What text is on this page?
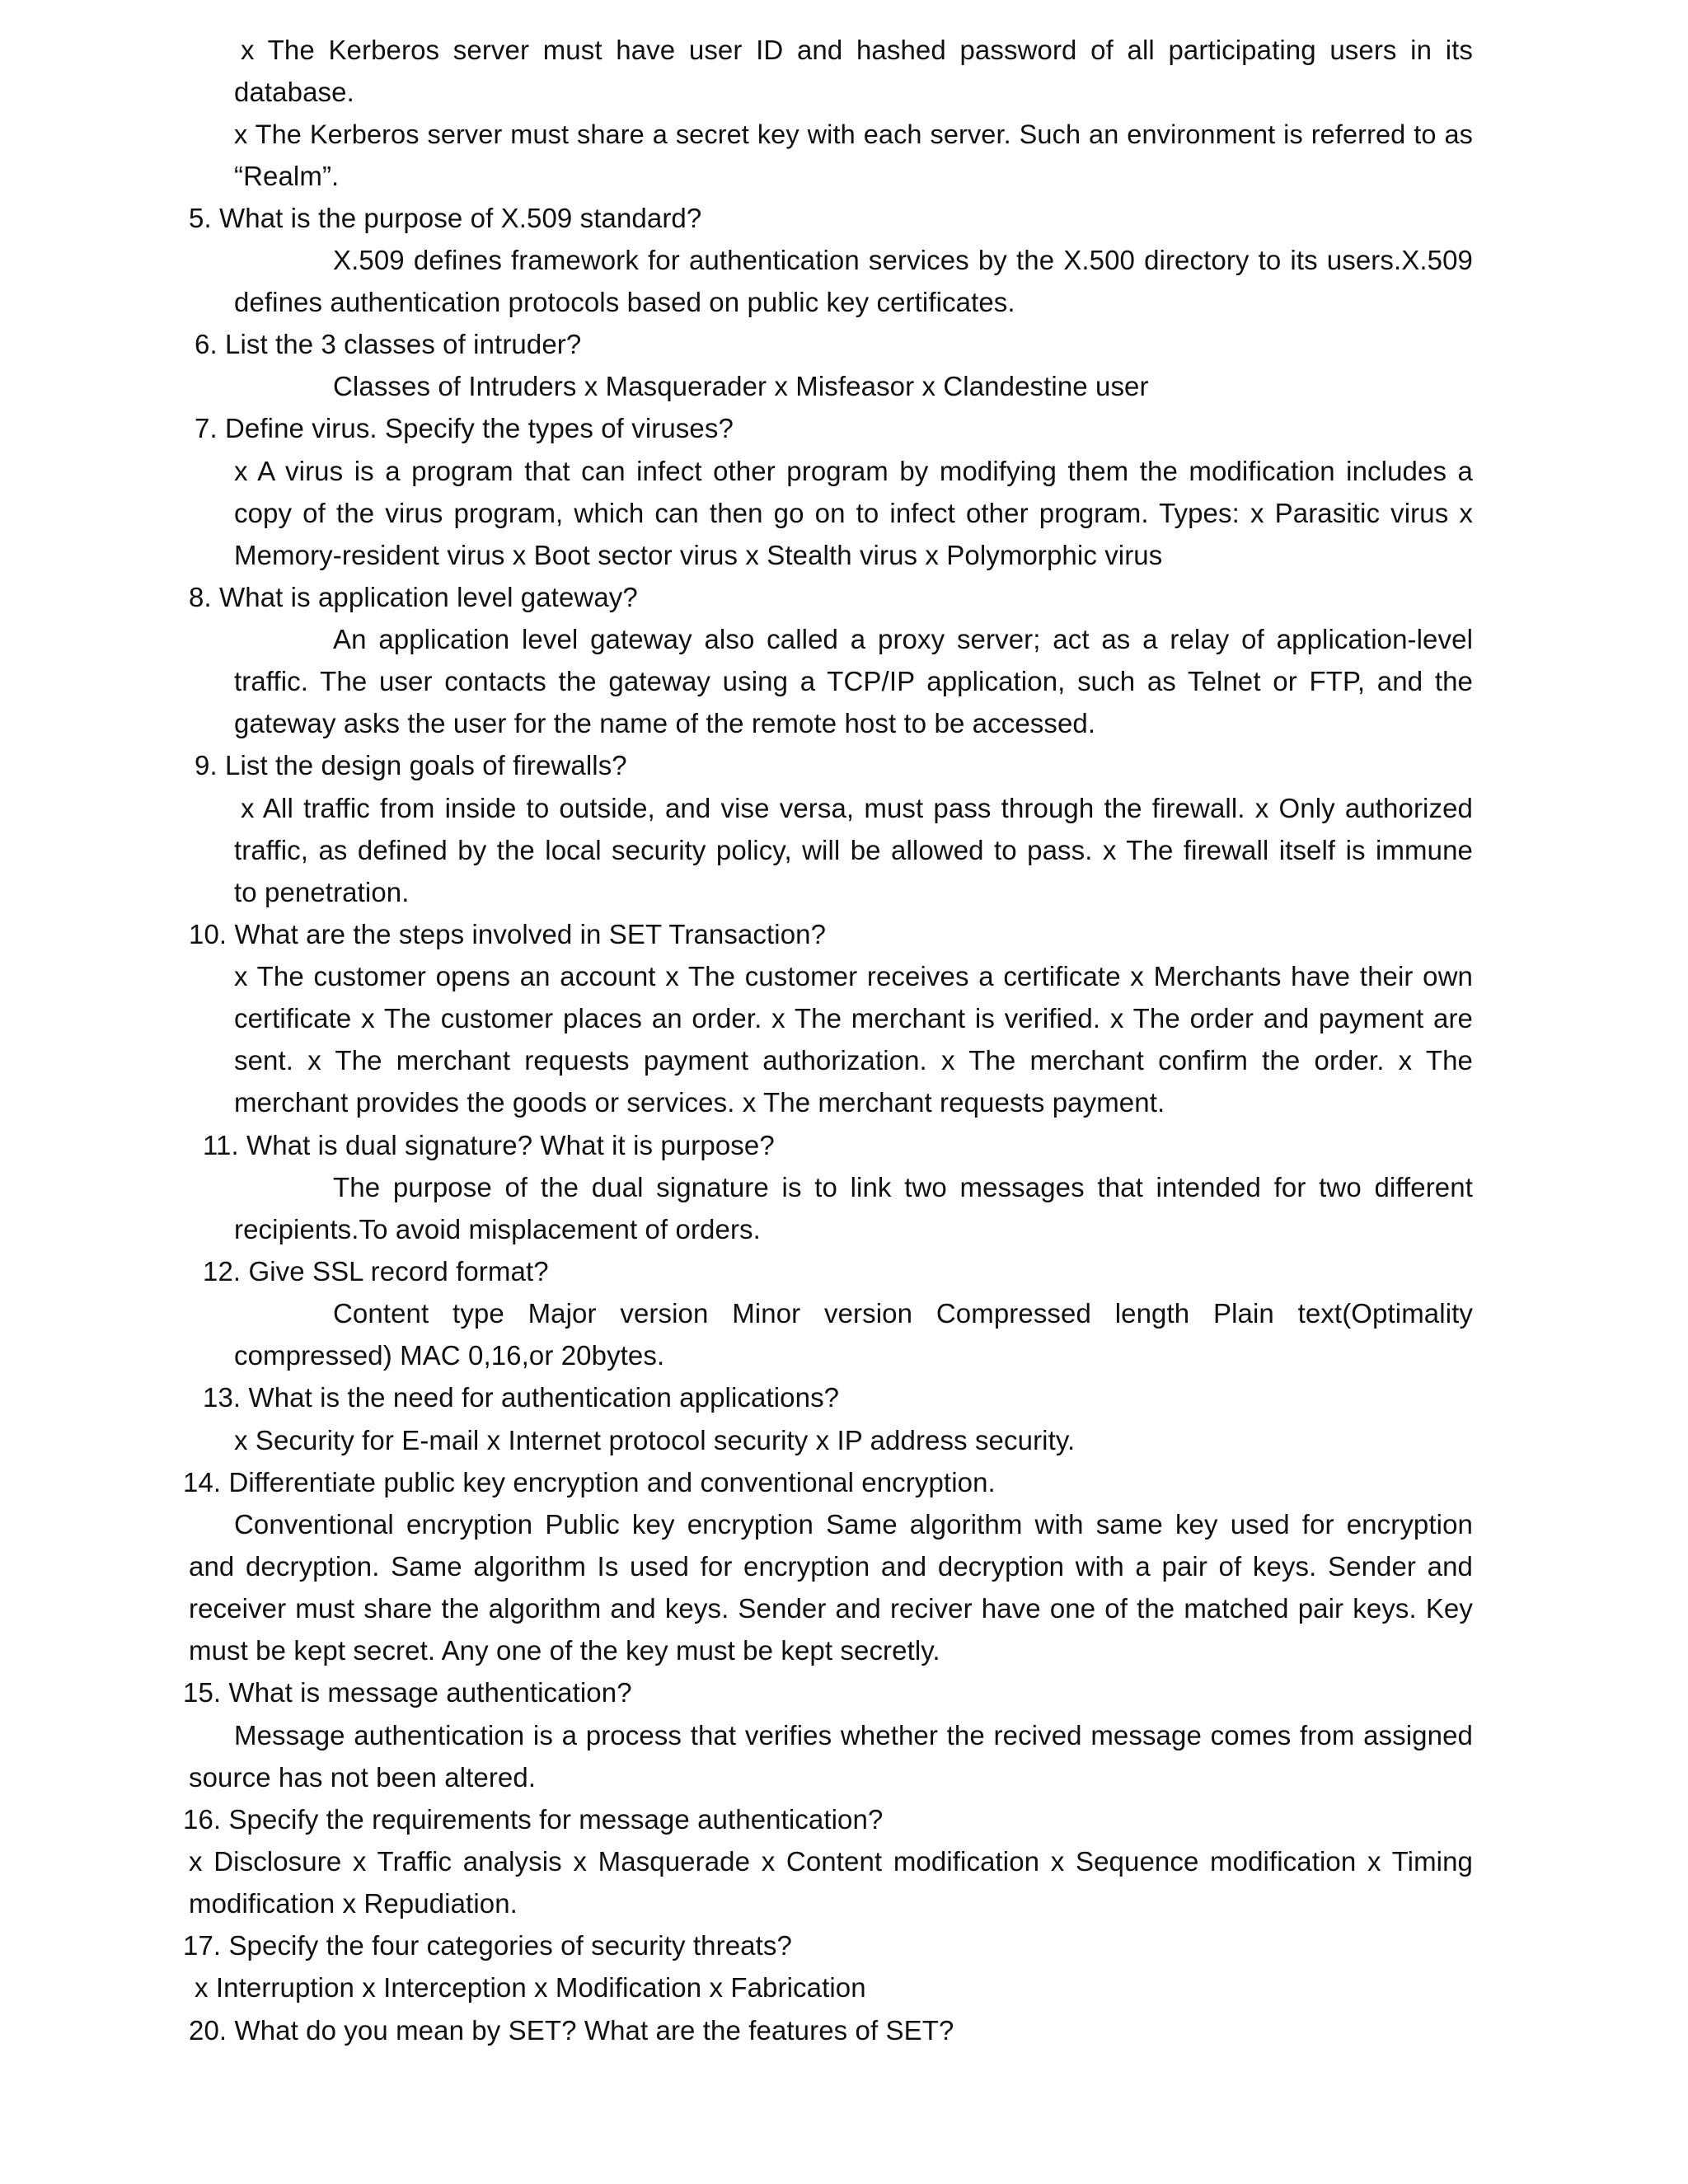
x The Kerberos server must have user ID and hashed password of all participating users in its
database.
x The Kerberos server must share a secret key with each server. Such an environment is referred to as
“Realm”.
5. What is the purpose of X.509 standard?
X.509 defines framework for authentication services by the X.500 directory to its users.X.509
defines authentication protocols based on public key certificates.
6. List the 3 classes of intruder?
Classes of Intruders x Masquerader x Misfeasor x Clandestine user
7. Define virus. Specify the types of viruses?
x A virus is a program that can infect other program by modifying them the modification includes a
copy of the virus program, which can then go on to infect other program. Types: x Parasitic virus x
Memory-resident virus x Boot sector virus x Stealth virus x Polymorphic virus
8. What is application level gateway?
An application level gateway also called a proxy server; act as a relay of application-level
traffic. The user contacts the gateway using a TCP/IP application, such as Telnet or FTP, and the
gateway asks the user for the name of the remote host to be accessed.
9. List the design goals of firewalls?
x All traffic from inside to outside, and vise versa, must pass through the firewall. x Only authorized
traffic, as defined by the local security policy, will be allowed to pass. x The firewall itself is immune
to penetration.
10. What are the steps involved in SET Transaction?
x The customer opens an account x The customer receives a certificate x Merchants have their own
certificate x The customer places an order. x The merchant is verified. x The order and payment are
sent. x The merchant requests payment authorization. x The merchant confirm the order. x The
merchant provides the goods or services. x The merchant requests payment.
11. What is dual signature? What it is purpose?
The purpose of the dual signature is to link two messages that intended for two different
recipients.To avoid misplacement of orders.
12. Give SSL record format?
Content type Major version Minor version Compressed length Plain text(Optimality
compressed) MAC 0,16,or 20bytes.
13. What is the need for authentication applications?
x Security for E-mail x Internet protocol security x IP address security.
14. Differentiate public key encryption and conventional encryption.
Conventional encryption Public key encryption Same algorithm with same key used for encryption
and decryption. Same algorithm Is used for encryption and decryption with a pair of keys. Sender and
receiver must share the algorithm and keys. Sender and reciver have one of the matched pair keys. Key
must be kept secret. Any one of the key must be kept secretly.
15. What is message authentication?
Message authentication is a process that verifies whether the recived message comes from assigned
source has not been altered.
16. Specify the requirements for message authentication?
x Disclosure x Traffic analysis x Masquerade x Content modification x Sequence modification x Timing
modification x Repudiation.
17. Specify the four categories of security threats?
x Interruption x Interception x Modification x Fabrication
20. What do you mean by SET? What are the features of SET?
